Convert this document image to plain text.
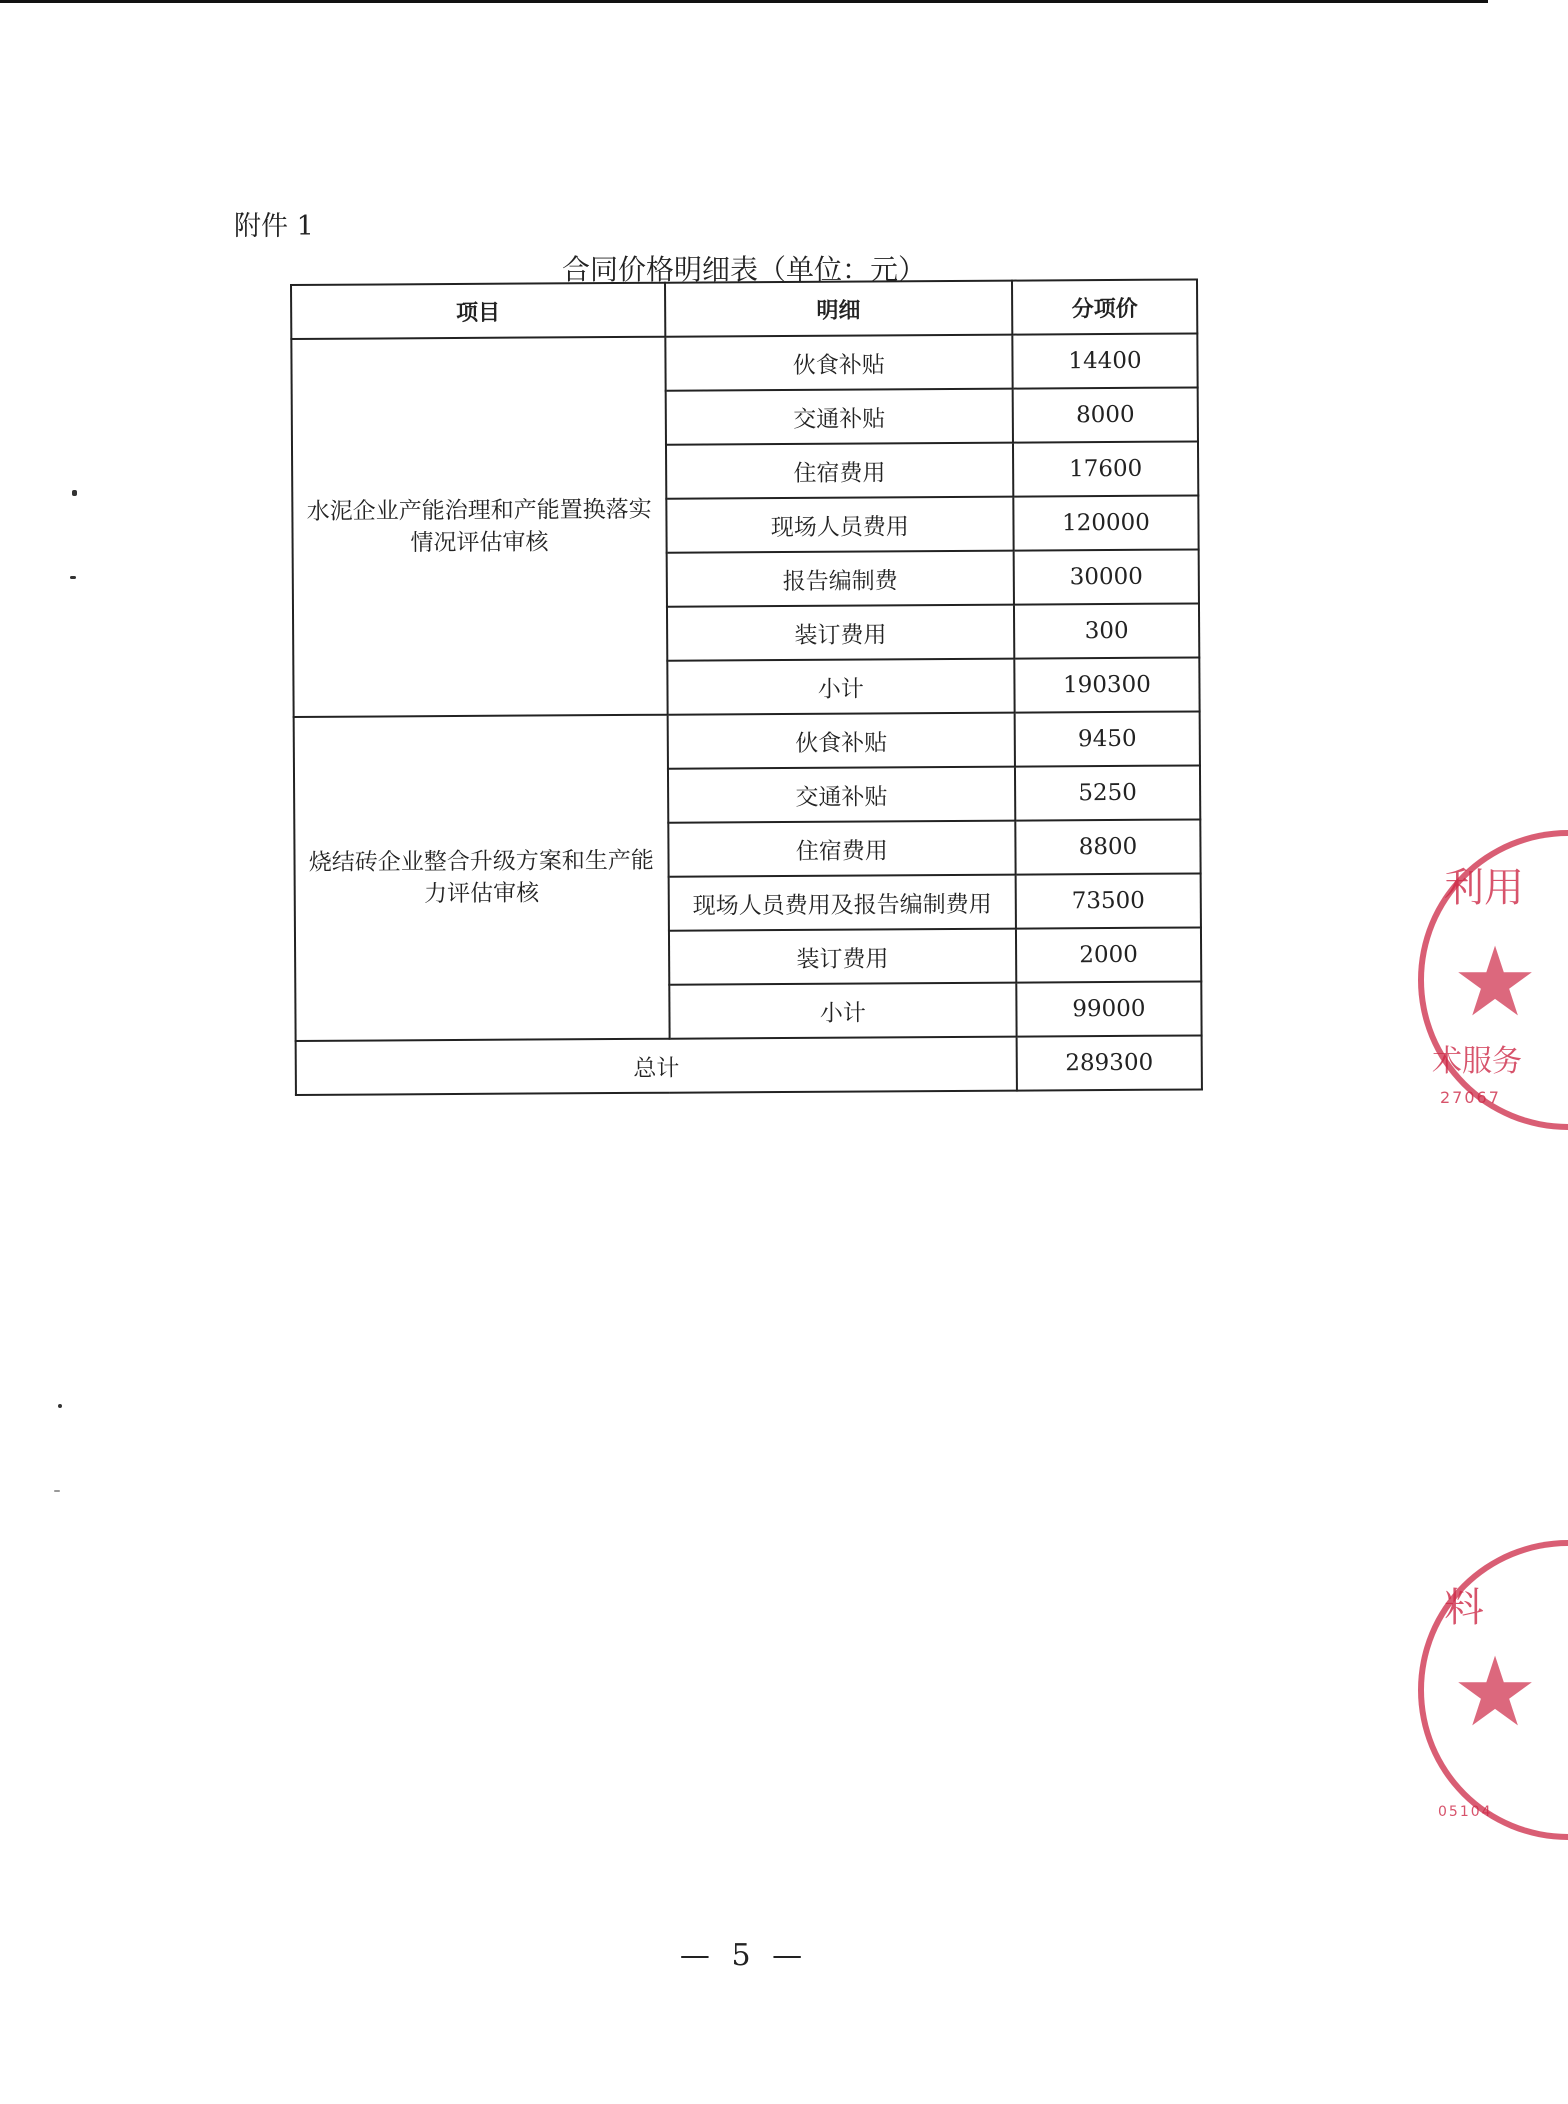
附件 1
合同价格明细表（单位：元）
项目	明细	分项价
水泥企业产能治理和产能置换落实情况评估审核	伙食补贴	14400
	交通补贴	8000
	住宿费用	17600
	现场人员费用	120000
	报告编制费	30000
	装订费用	300
	小计	190300
烧结砖企业整合升级方案和生产能力评估审核	伙食补贴	9450
	交通补贴	5250
	住宿费用	8800
	现场人员费用及报告编制费用	73500
	装订费用	2000
	小计	99000
总计		289300
— 5 —
利用
★
术服务
27067
料
★
05104
